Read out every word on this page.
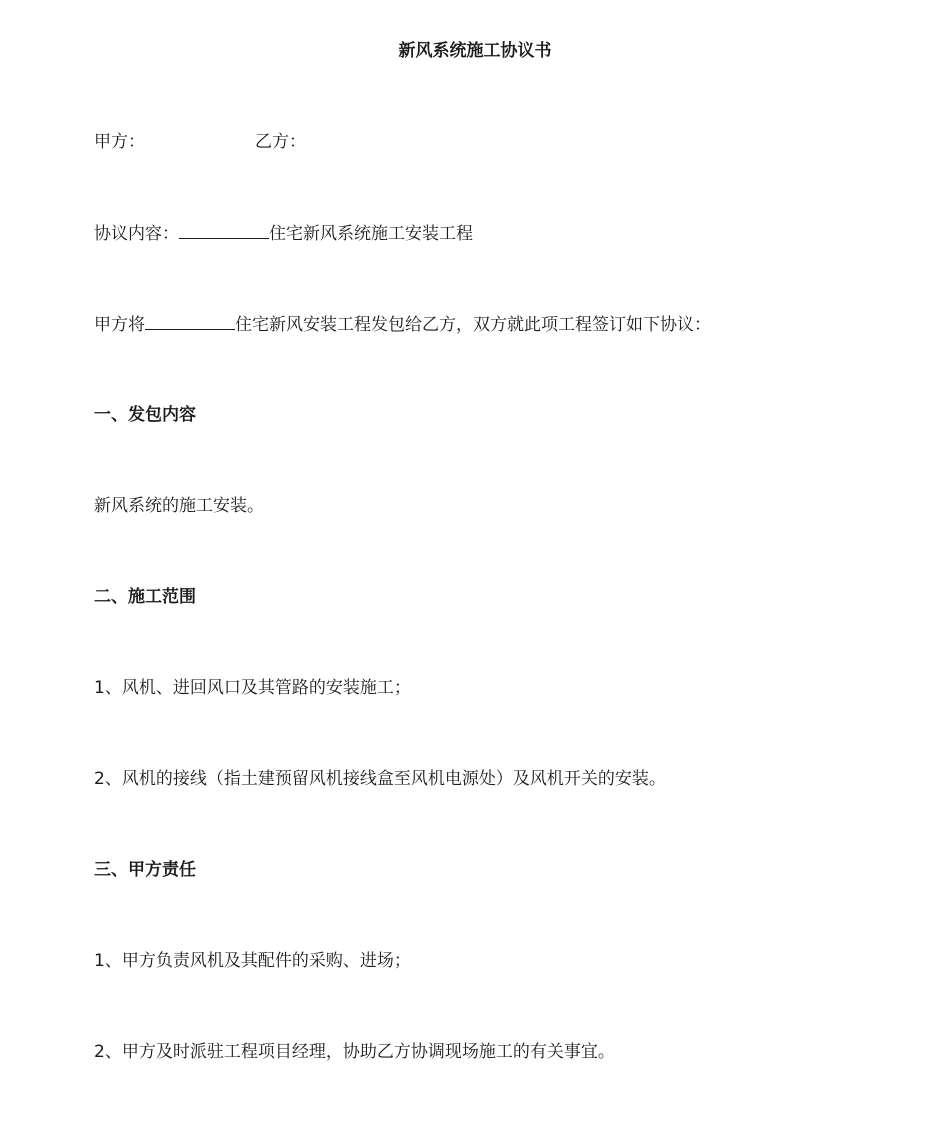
新风系统施工协议书
甲方：	乙方：
协议内容：	住宅新风系统施工安装工程
甲方将	住宅新风安装工程发包给乙方，双方就此项工程签订如下协议：
一、发包内容
新风系统的施工安装。
二、施工范围
1、风机、进回风口及其管路的安装施工；
2、风机的接线（指土建预留风机接线盒至风机电源处）及风机开关的安装。
三、甲方责任
1、甲方负责风机及其配件的采购、进场；
2、甲方及时派驻工程项目经理，协助乙方协调现场施工的有关事宜。
